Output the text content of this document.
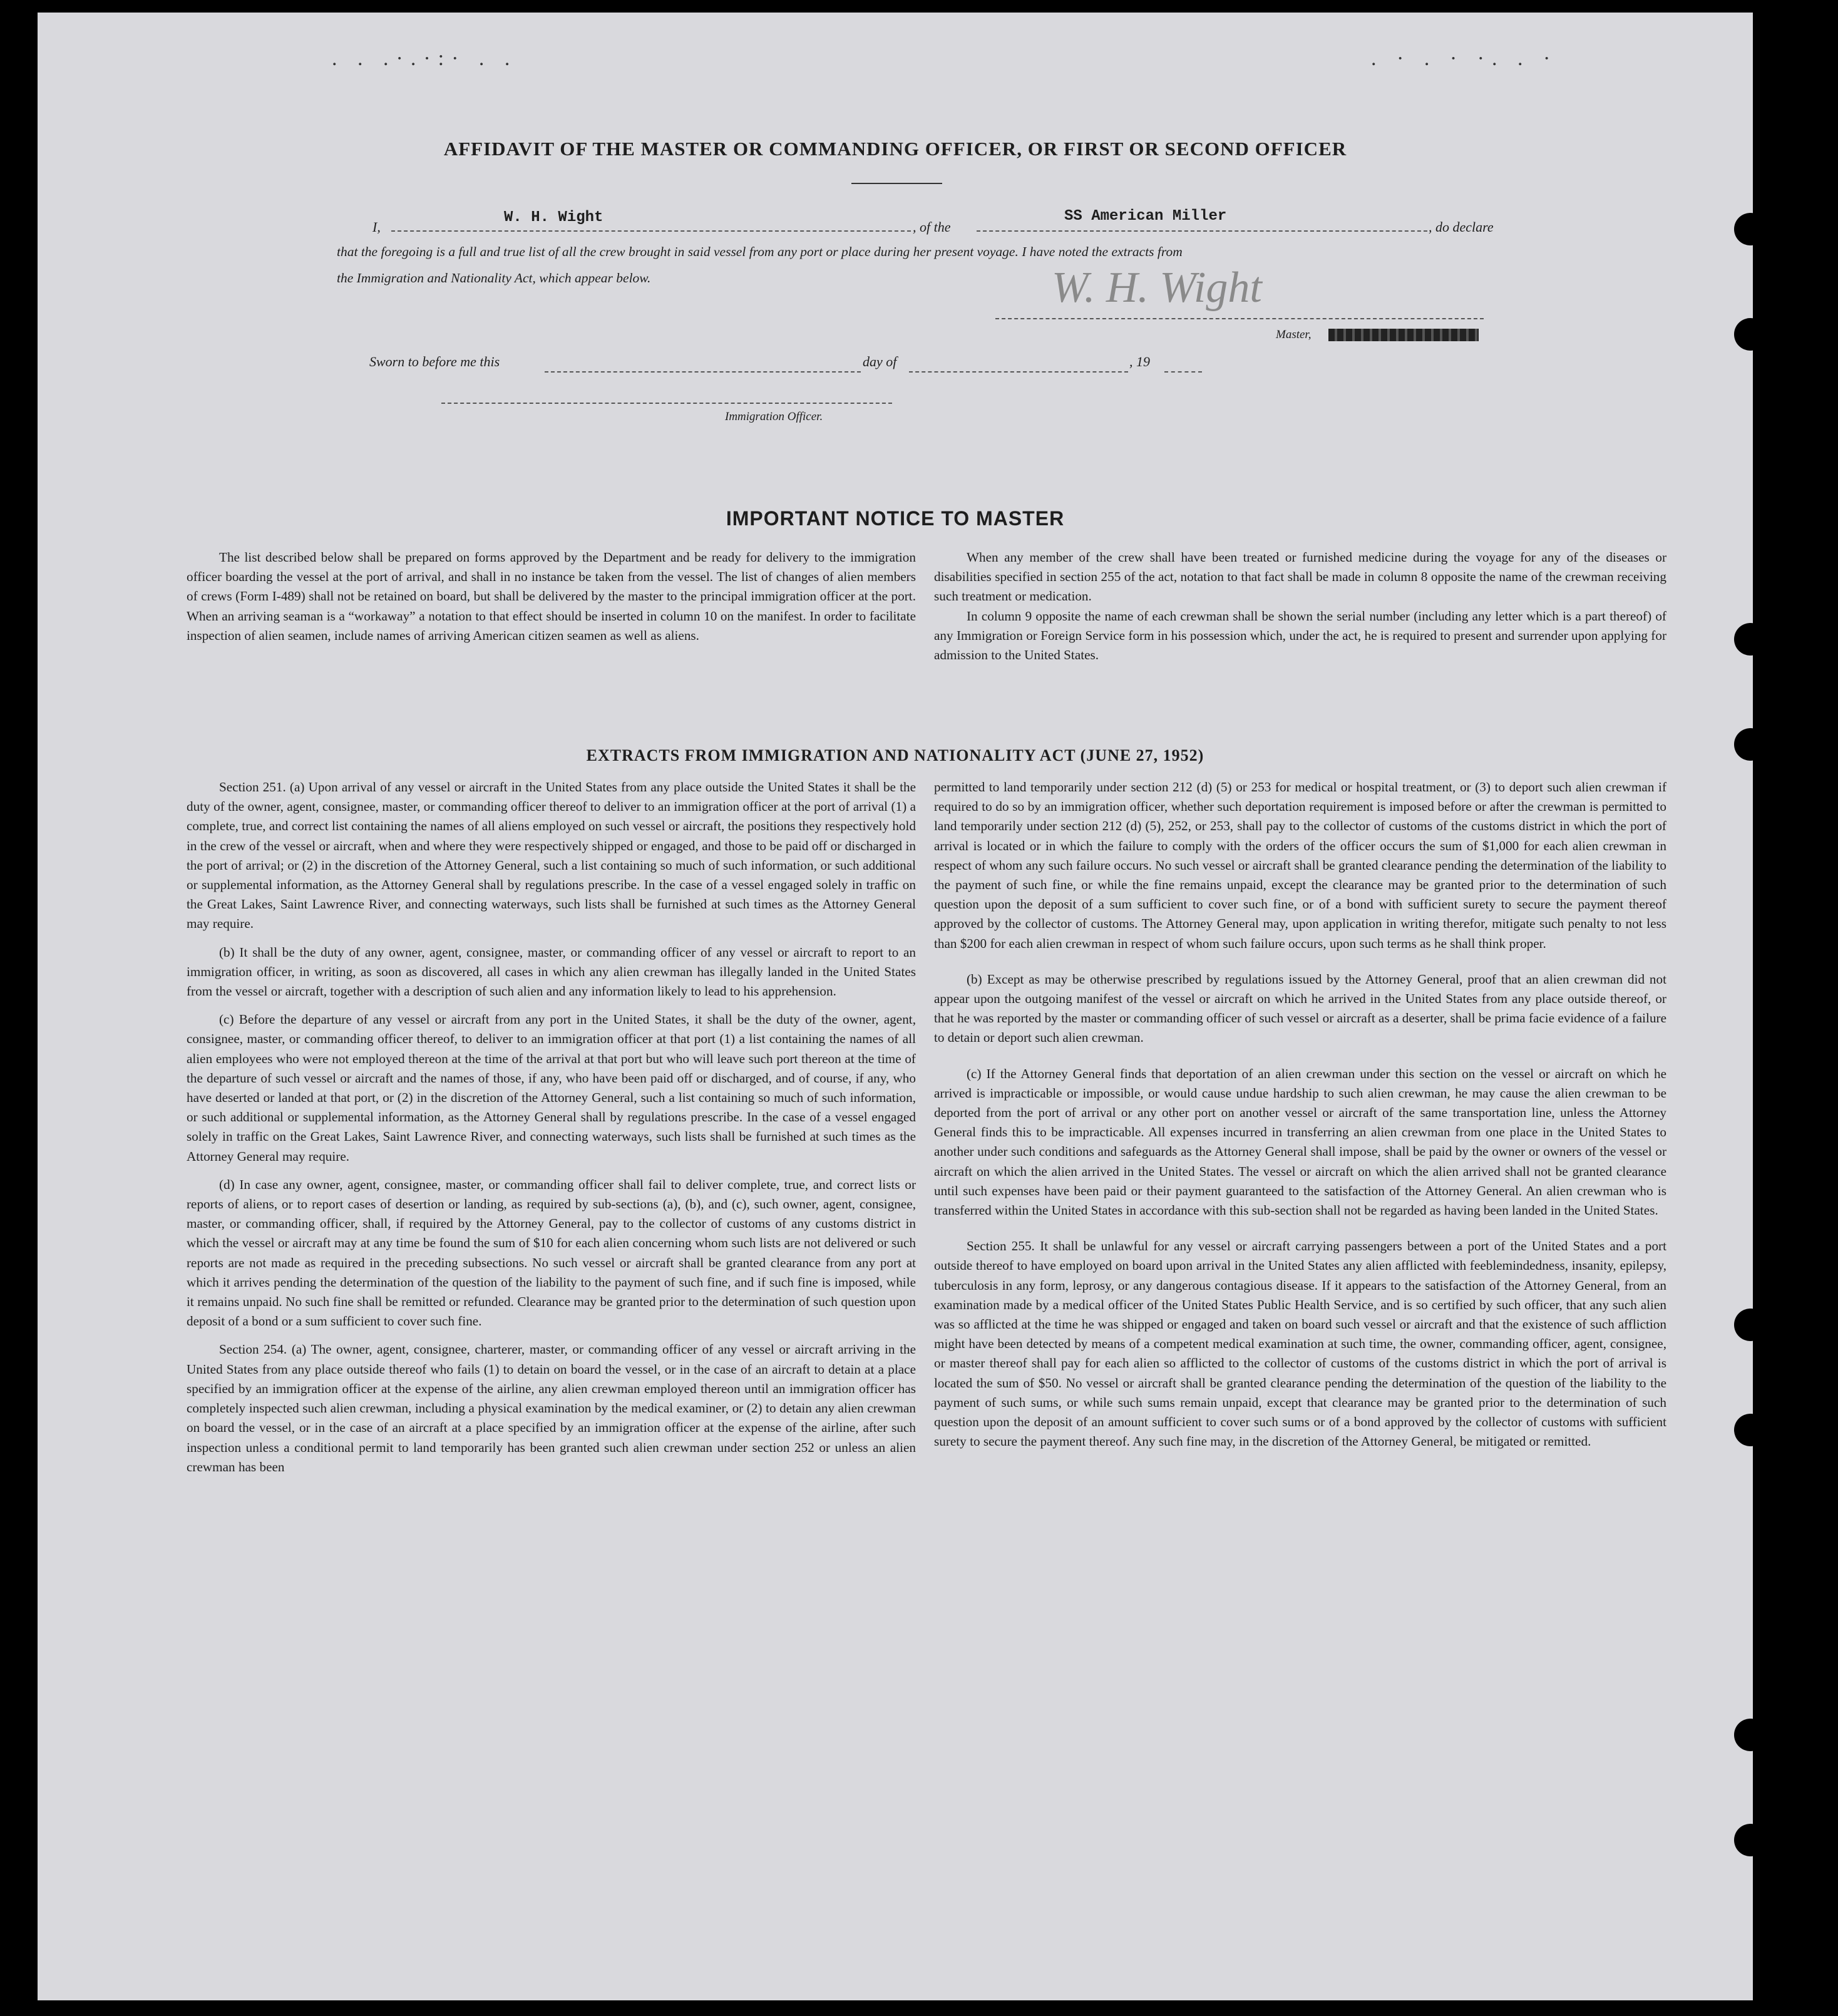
. . .·.·:· . .	. · . · ·. . ·
AFFIDAVIT OF THE MASTER OR COMMANDING OFFICER, OR FIRST OR SECOND OFFICER
I,
W. H. Wight
, of the
SS American Miller
, do declare
that the foregoing is a full and true list of all the crew brought in said vessel from any port or place during her present voyage. I have noted the extracts from
the Immigration and Nationality Act, which appear below.	W. H. Wight
Master,
Sworn to before me this	day of	, 19
Immigration Officer.
IMPORTANT NOTICE TO MASTER

The list described below shall be prepared on forms approved by the Department and be ready for delivery to the immigration officer boarding the vessel at the port of arrival, and shall in no instance be taken from the vessel. The list of changes of alien members of crews (Form I-489) shall not be retained on board, but shall be delivered by the master to the principal immigration officer at the port. When an arriving seaman is a “workaway” a notation to that effect should be inserted in column 10 on the manifest. In order to facilitate inspection of alien seamen, include names of arriving American citizen seamen as well as aliens.

When any member of the crew shall have been treated or furnished medicine during the voyage for any of the diseases or disabilities specified in section 255 of the act, notation to that fact shall be made in column 8 opposite the name of the crewman receiving such treatment or medication.

In column 9 opposite the name of each crewman shall be shown the serial number (including any letter which is a part thereof) of any Immigration or Foreign Service form in his possession which, under the act, he is required to present and surrender upon applying for admission to the United States.

EXTRACTS FROM IMMIGRATION AND NATIONALITY ACT (JUNE 27, 1952)

Section 251. (a) Upon arrival of any vessel or aircraft in the United States from any place outside the United States it shall be the duty of the owner, agent, consignee, master, or commanding officer thereof to deliver to an immigration officer at the port of arrival (1) a complete, true, and correct list containing the names of all aliens employed on such vessel or aircraft, the positions they respectively hold in the crew of the vessel or aircraft, when and where they were respectively shipped or engaged, and those to be paid off or discharged in the port of arrival; or (2) in the discretion of the Attorney General, such a list containing so much of such information, or such additional or supplemental information, as the Attorney General shall by regulations prescribe. In the case of a vessel engaged solely in traffic on the Great Lakes, Saint Lawrence River, and connecting waterways, such lists shall be furnished at such times as the Attorney General may require.

(b) It shall be the duty of any owner, agent, consignee, master, or commanding officer of any vessel or aircraft to report to an immigration officer, in writing, as soon as discovered, all cases in which any alien crewman has illegally landed in the United States from the vessel or aircraft, together with a description of such alien and any information likely to lead to his apprehension.

(c) Before the departure of any vessel or aircraft from any port in the United States, it shall be the duty of the owner, agent, consignee, master, or commanding officer thereof, to deliver to an immigration officer at that port (1) a list containing the names of all alien employees who were not employed thereon at the time of the arrival at that port but who will leave such port thereon at the time of the departure of such vessel or aircraft and the names of those, if any, who have been paid off or discharged, and of course, if any, who have deserted or landed at that port, or (2) in the discretion of the Attorney General, such a list containing so much of such information, or such additional or supplemental information, as the Attorney General shall by regulations prescribe. In the case of a vessel engaged solely in traffic on the Great Lakes, Saint Lawrence River, and connecting waterways, such lists shall be furnished at such times as the Attorney General may require.

(d) In case any owner, agent, consignee, master, or commanding officer shall fail to deliver complete, true, and correct lists or reports of aliens, or to report cases of desertion or landing, as required by sub-sections (a), (b), and (c), such owner, agent, consignee, master, or commanding officer, shall, if required by the Attorney General, pay to the collector of customs of any customs district in which the vessel or aircraft may at any time be found the sum of $10 for each alien concerning whom such lists are not delivered or such reports are not made as required in the preceding subsections. No such vessel or aircraft shall be granted clearance from any port at which it arrives pending the determination of the question of the liability to the payment of such fine, and if such fine is imposed, while it remains unpaid. No such fine shall be remitted or refunded. Clearance may be granted prior to the determination of such question upon deposit of a bond or a sum sufficient to cover such fine.

Section 254. (a) The owner, agent, consignee, charterer, master, or commanding officer of any vessel or aircraft arriving in the United States from any place outside thereof who fails (1) to detain on board the vessel, or in the case of an aircraft to detain at a place specified by an immigration officer at the expense of the airline, any alien crewman employed thereon until an immigration officer has completely inspected such alien crewman, including a physical examination by the medical examiner, or (2) to detain any alien crewman on board the vessel, or in the case of an aircraft at a place specified by an immigration officer at the expense of the airline, after such inspection unless a conditional permit to land temporarily has been granted such alien crewman under section 252 or unless an alien crewman has been

permitted to land temporarily under section 212 (d) (5) or 253 for medical or hospital treatment, or (3) to deport such alien crewman if required to do so by an immigration officer, whether such deportation requirement is imposed before or after the crewman is permitted to land temporarily under section 212 (d) (5), 252, or 253, shall pay to the collector of customs of the customs district in which the port of arrival is located or in which the failure to comply with the orders of the officer occurs the sum of $1,000 for each alien crewman in respect of whom any such failure occurs. No such vessel or aircraft shall be granted clearance pending the determination of the liability to the payment of such fine, or while the fine remains unpaid, except the clearance may be granted prior to the determination of such question upon the deposit of a sum sufficient to cover such fine, or of a bond with sufficient surety to secure the payment thereof approved by the collector of customs. The Attorney General may, upon application in writing therefor, mitigate such penalty to not less than $200 for each alien crewman in respect of whom such failure occurs, upon such terms as he shall think proper.

(b) Except as may be otherwise prescribed by regulations issued by the Attorney General, proof that an alien crewman did not appear upon the outgoing manifest of the vessel or aircraft on which he arrived in the United States from any place outside thereof, or that he was reported by the master or commanding officer of such vessel or aircraft as a deserter, shall be prima facie evidence of a failure to detain or deport such alien crewman.

(c) If the Attorney General finds that deportation of an alien crewman under this section on the vessel or aircraft on which he arrived is impracticable or impossible, or would cause undue hardship to such alien crewman, he may cause the alien crewman to be deported from the port of arrival or any other port on another vessel or aircraft of the same transportation line, unless the Attorney General finds this to be impracticable. All expenses incurred in transferring an alien crewman from one place in the United States to another under such conditions and safeguards as the Attorney General shall impose, shall be paid by the owner or owners of the vessel or aircraft on which the alien arrived in the United States. The vessel or aircraft on which the alien arrived shall not be granted clearance until such expenses have been paid or their payment guaranteed to the satisfaction of the Attorney General. An alien crewman who is transferred within the United States in accordance with this sub-section shall not be regarded as having been landed in the United States.

Section 255. It shall be unlawful for any vessel or aircraft carrying passengers between a port of the United States and a port outside thereof to have employed on board upon arrival in the United States any alien afflicted with feeblemindedness, insanity, epilepsy, tuberculosis in any form, leprosy, or any dangerous contagious disease. If it appears to the satisfaction of the Attorney General, from an examination made by a medical officer of the United States Public Health Service, and is so certified by such officer, that any such alien was so afflicted at the time he was shipped or engaged and taken on board such vessel or aircraft and that the existence of such affliction might have been detected by means of a competent medical examination at such time, the owner, commanding officer, agent, consignee, or master thereof shall pay for each alien so afflicted to the collector of customs of the customs district in which the port of arrival is located the sum of $50. No vessel or aircraft shall be granted clearance pending the determination of the question of the liability to the payment of such sums, or while such sums remain unpaid, except that clearance may be granted prior to the determination of such question upon the deposit of an amount sufficient to cover such sums or of a bond approved by the collector of customs with sufficient surety to secure the payment thereof. Any such fine may, in the discretion of the Attorney General, be mitigated or remitted.
